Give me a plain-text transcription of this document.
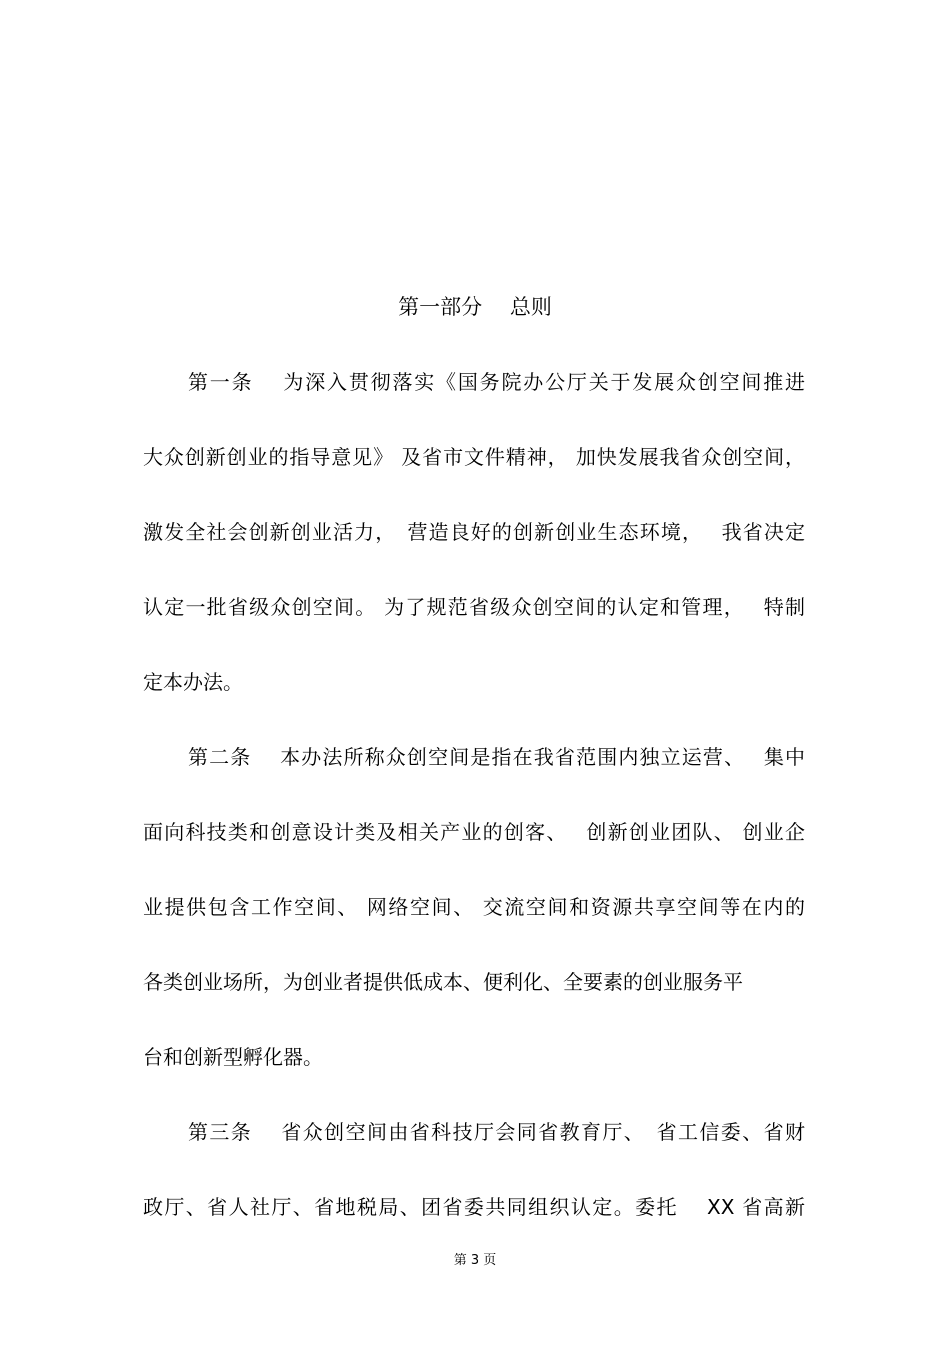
第一部分　 总则
第一条　 为深入贯彻落实《国务院办公厅关于发展众创空间推进
大众创新创业的指导意见》 及省市文件精神， 加快发展我省众创空间，
激发全社会创新创业活力，　营造良好的创新创业生态环境，　 我省决定
认定一批省级众创空间。 为了规范省级众创空间的认定和管理，　 特制
定本办法。
第二条　 本办法所称众创空间是指在我省范围内独立运营、　 集中
面向科技类和创意设计类及相关产业的创客、　 创新创业团队、 创业企
业提供包含工作空间、 网络空间、 交流空间和资源共享空间等在内的
各类创业场所，为创业者提供低成本、便利化、全要素的创业服务平
台和创新型孵化器。
第三条　 省众创空间由省科技厅会同省教育厅、　省工信委、省财
政厅、省人社厅、省地税局、团省委共同组织认定。委托　 XX 省高新
第 3 页
